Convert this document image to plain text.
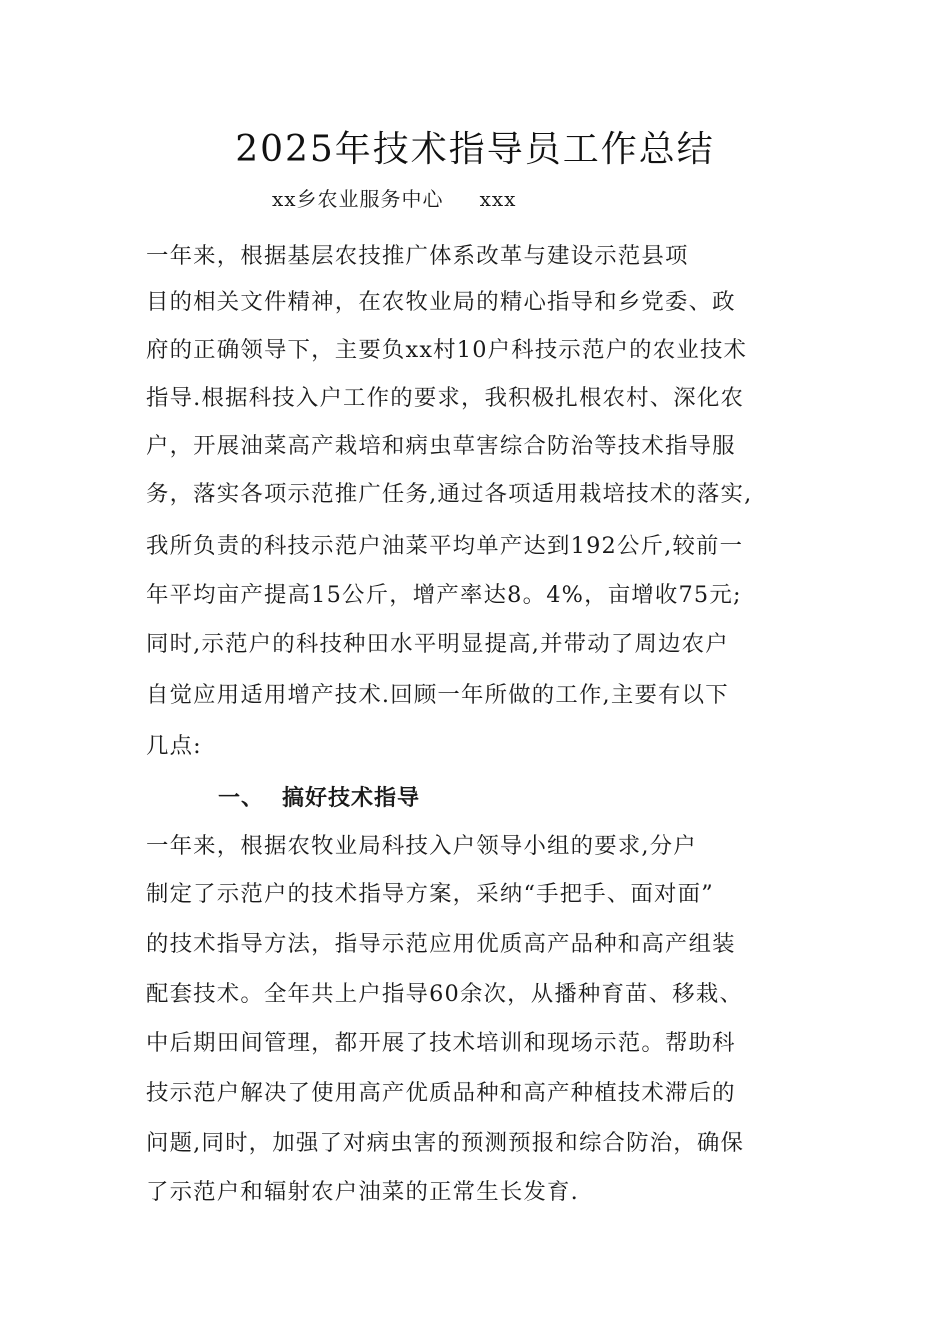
2025年技术指导员工作总结
xx乡农业服务中心 xxx
一年来，根据基层农技推广体系改革与建设示范县项
目的相关文件精神，在农牧业局的精心指导和乡党委、政
府的正确领导下，主要负xx村10户科技示范户的农业技术
指导.根据科技入户工作的要求，我积极扎根农村、深化农
户，开展油菜高产栽培和病虫草害综合防治等技术指导服
务，落实各项示范推广任务,通过各项适用栽培技术的落实,
我所负责的科技示范户油菜平均单产达到192公斤,较前一
年平均亩产提高15公斤，增产率达8。4%，亩增收75元;
同时,示范户的科技种田水平明显提高,并带动了周边农户
自觉应用适用增产技术.回顾一年所做的工作,主要有以下
几点:
一、 搞好技术指导
一年来，根据农牧业局科技入户领导小组的要求,分户
制定了示范户的技术指导方案，采纳“手把手、面对面”
的技术指导方法，指导示范应用优质高产品种和高产组装
配套技术。全年共上户指导60余次，从播种育苗、移栽、
中后期田间管理，都开展了技术培训和现场示范。帮助科
技示范户解决了使用高产优质品种和高产种植技术滞后的
问题,同时，加强了对病虫害的预测预报和综合防治，确保
了示范户和辐射农户油菜的正常生长发育.
